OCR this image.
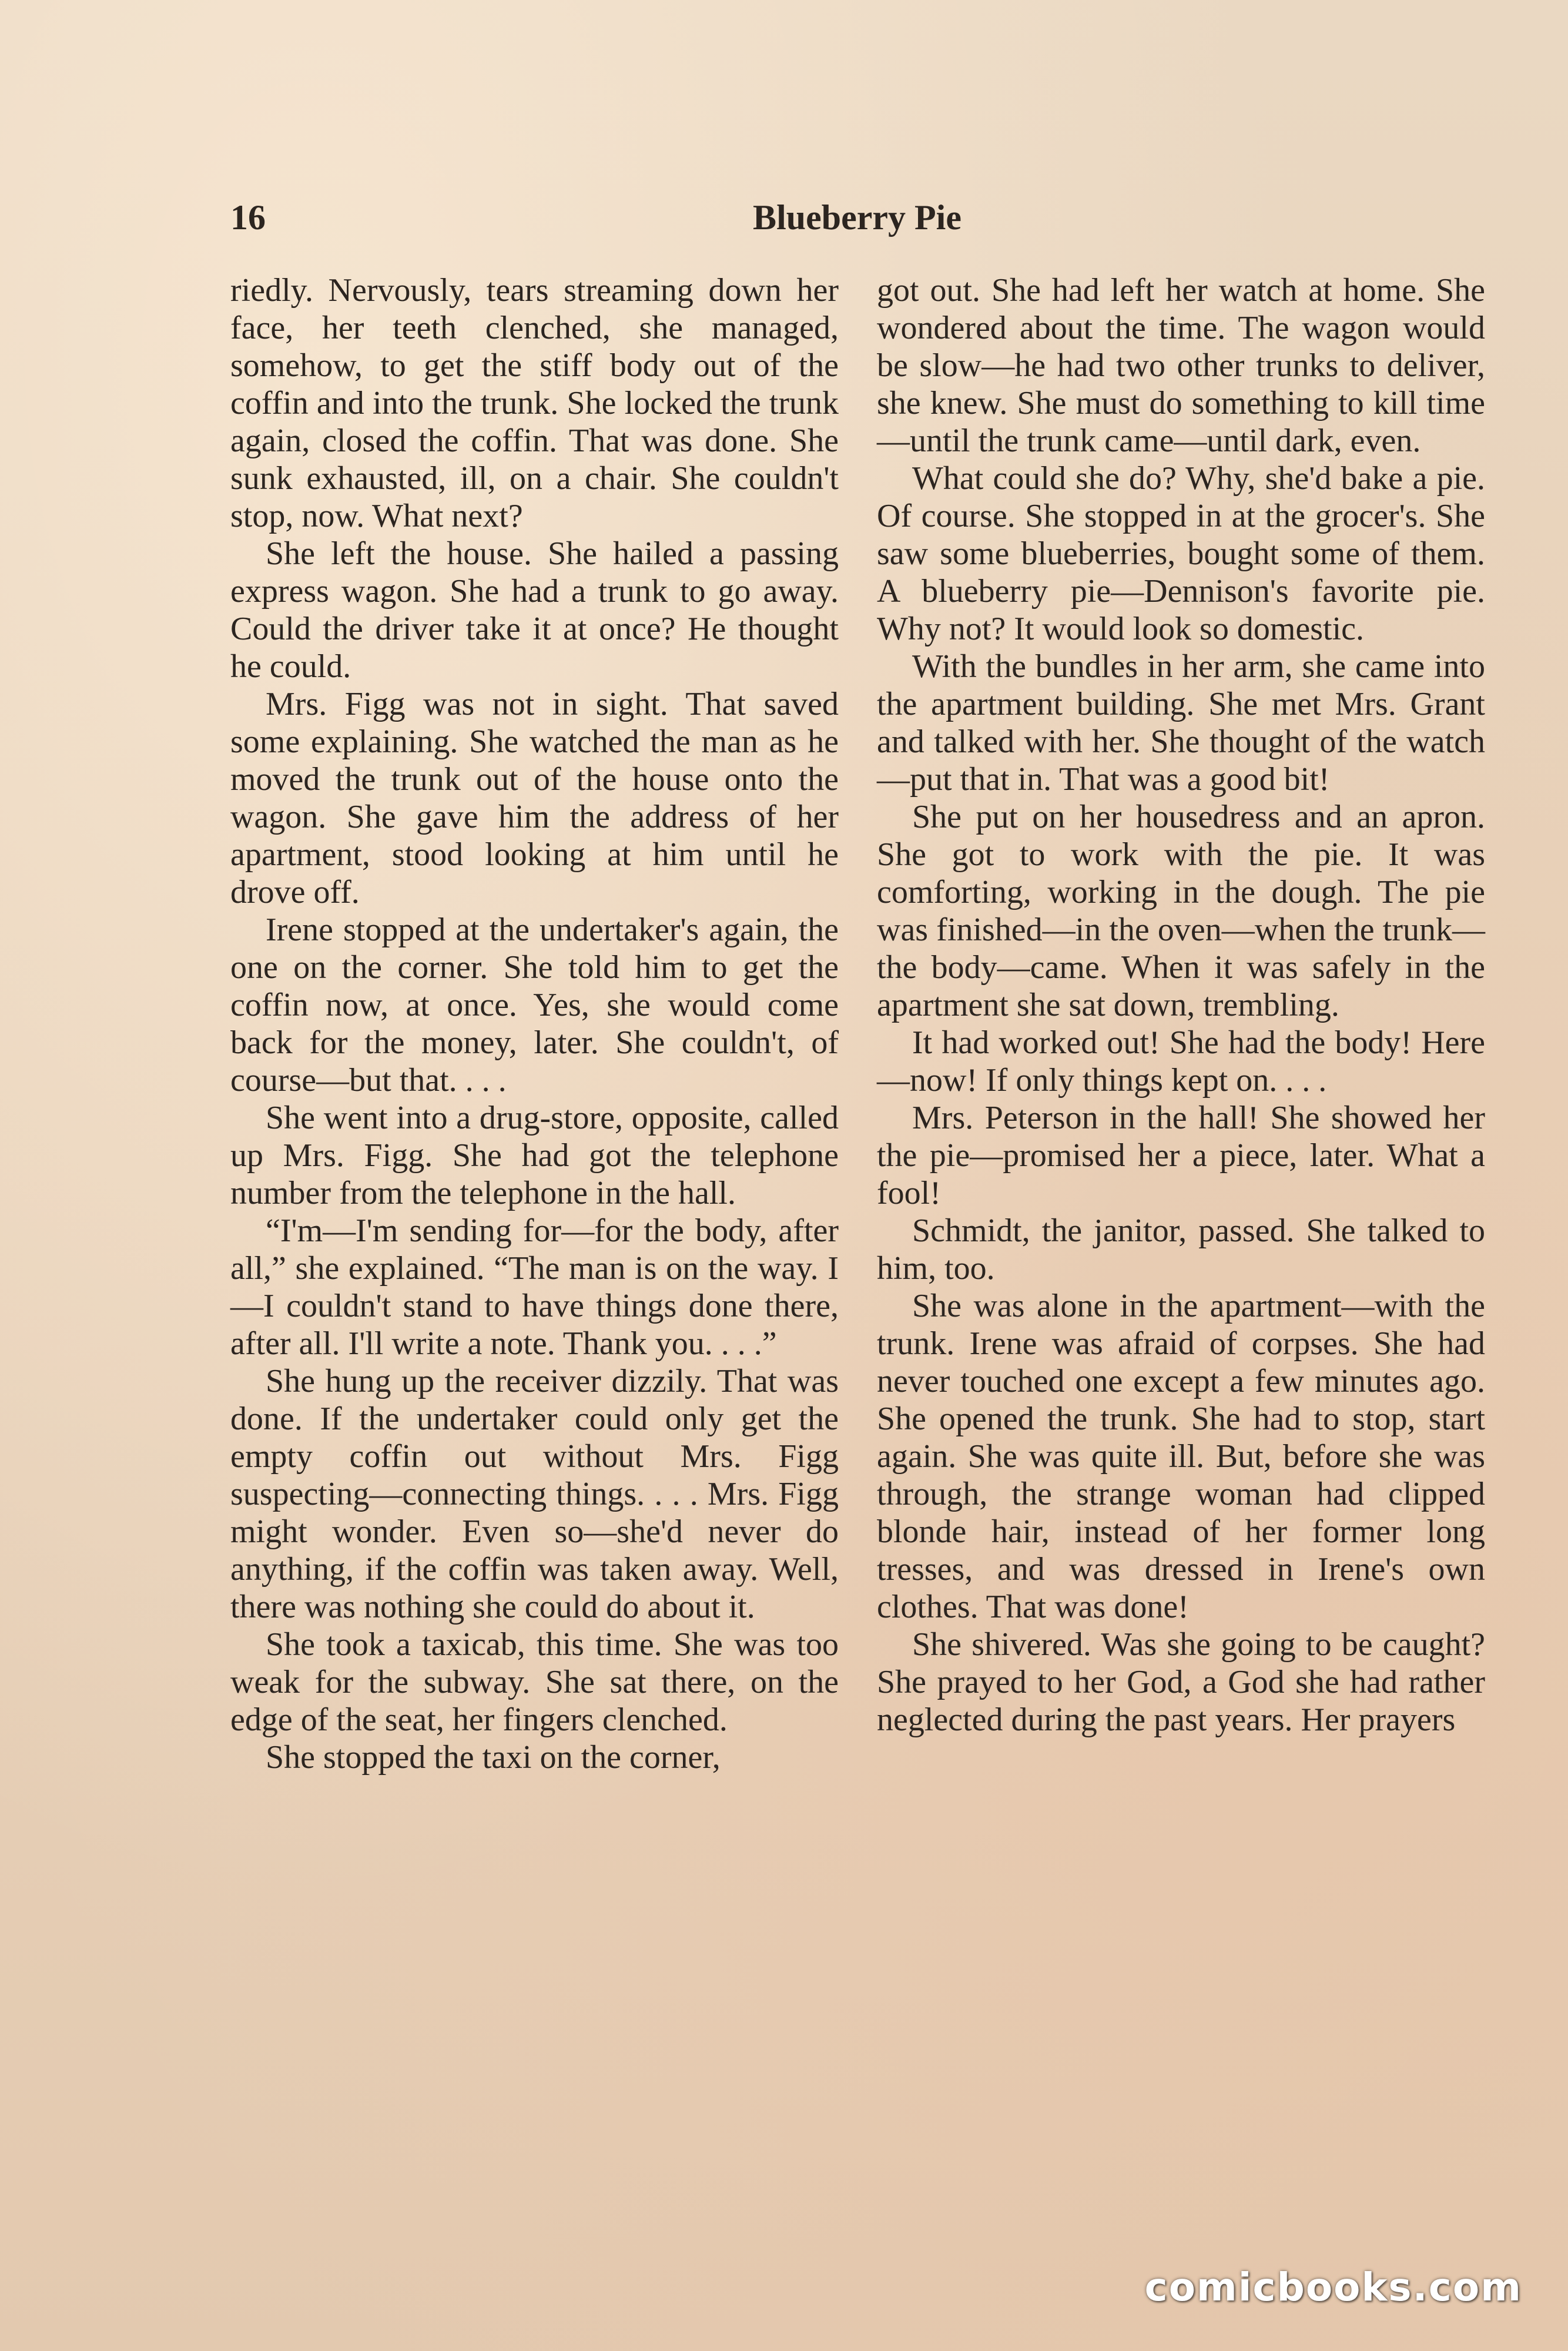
16	Blueberry Pie

riedly. Nervously, tears streaming down her face, her teeth clenched, she managed, somehow, to get the stiff body out of the coffin and into the trunk. She locked the trunk again, closed the coffin. That was done. She sunk exhausted, ill, on a chair. She couldn't stop, now. What next?

She left the house. She hailed a passing express wagon. She had a trunk to go away. Could the driver take it at once? He thought he could.

Mrs. Figg was not in sight. That saved some explaining. She watched the man as he moved the trunk out of the house onto the wagon. She gave him the address of her apartment, stood looking at him until he drove off.

Irene stopped at the undertaker's again, the one on the corner. She told him to get the coffin now, at once. Yes, she would come back for the money, later. She couldn't, of course—but that. . . .

She went into a drug-store, opposite, called up Mrs. Figg. She had got the telephone number from the telephone in the hall.

“I'm—I'm sending for—for the body, after all,” she explained. “The man is on the way. I—I couldn't stand to have things done there, after all. I'll write a note. Thank you. . . .”

She hung up the receiver dizzily. That was done. If the undertaker could only get the empty coffin out without Mrs. Figg suspecting—connecting things. . . . Mrs. Figg might wonder. Even so—she'd never do anything, if the coffin was taken away. Well, there was nothing she could do about it.

She took a taxicab, this time. She was too weak for the subway. She sat there, on the edge of the seat, her fingers clenched.

She stopped the taxi on the corner,

got out. She had left her watch at home. She wondered about the time. The wagon would be slow—he had two other trunks to deliver, she knew. She must do something to kill time—until the trunk came—until dark, even.

What could she do? Why, she'd bake a pie. Of course. She stopped in at the grocer's. She saw some blueberries, bought some of them. A blueberry pie—Dennison's favorite pie. Why not? It would look so domestic.

With the bundles in her arm, she came into the apartment building. She met Mrs. Grant and talked with her. She thought of the watch—put that in. That was a good bit!

She put on her housedress and an apron. She got to work with the pie. It was comforting, working in the dough. The pie was finished—in the oven—when the trunk—the body—came. When it was safely in the apartment she sat down, trembling.

It had worked out! She had the body! Here—now! If only things kept on. . . .

Mrs. Peterson in the hall! She showed her the pie—promised her a piece, later. What a fool!

Schmidt, the janitor, passed. She talked to him, too.

She was alone in the apartment—with the trunk. Irene was afraid of corpses. She had never touched one except a few minutes ago. She opened the trunk. She had to stop, start again. She was quite ill. But, before she was through, the strange woman had clipped blonde hair, instead of her former long tresses, and was dressed in Irene's own clothes. That was done!

She shivered. Was she going to be caught? She prayed to her God, a God she had rather neglected during the past years. Her prayers

comicbooks.com
